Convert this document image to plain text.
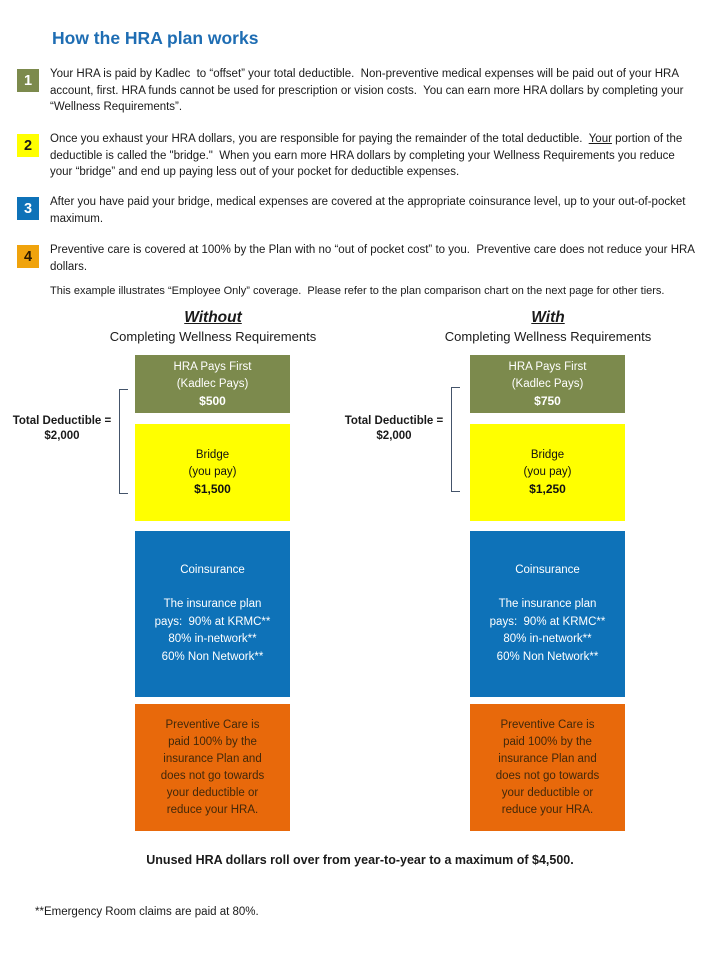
How the HRA plan works
1	Your HRA is paid by Kadlec  to “offset” your total deductible.  Non-preventive medical expenses will be paid out of your HRA account, first. HRA funds cannot be used for prescription or vision costs.  You can earn more HRA dollars by completing your “Wellness Requirements”.

2	Once you exhaust your HRA dollars, you are responsible for paying the remainder of the total deductible.  Your portion of the deductible is called the "bridge."  When you earn more HRA dollars by completing your Wellness Requirements you reduce your “bridge” and end up paying less out of your pocket for deductible expenses.

3	After you have paid your bridge, medical expenses are covered at the appropriate coinsurance level, up to your out-of-pocket maximum.

4	Preventive care is covered at 100% by the Plan with no “out of pocket cost” to you.  Preventive care does not reduce your HRA dollars.

This example illustrates “Employee Only” coverage.  Please refer to the plan comparison chart on the next page for other tiers.
Without
Completing Wellness Requirements
With
Completing Wellness Requirements
Total Deductible =
$2,000
Total Deductible =
$2,000
HRA Pays First
(Kadlec Pays)
$500
Bridge
(you pay)
$1,500
Coinsurance
The insurance plan
pays:  90% at KRMC**
80% in-network**
60% Non Network**
Preventive Care is
paid 100% by the
insurance Plan and
does not go towards
your deductible or
reduce your HRA.
HRA Pays First
(Kadlec Pays)
$750
Bridge
(you pay)
$1,250
Coinsurance
The insurance plan
pays:  90% at KRMC**
80% in-network**
60% Non Network**
Preventive Care is
paid 100% by the
insurance Plan and
does not go towards
your deductible or
reduce your HRA.
Unused HRA dollars roll over from year-to-year to a maximum of $4,500.
**Emergency Room claims are paid at 80%.
